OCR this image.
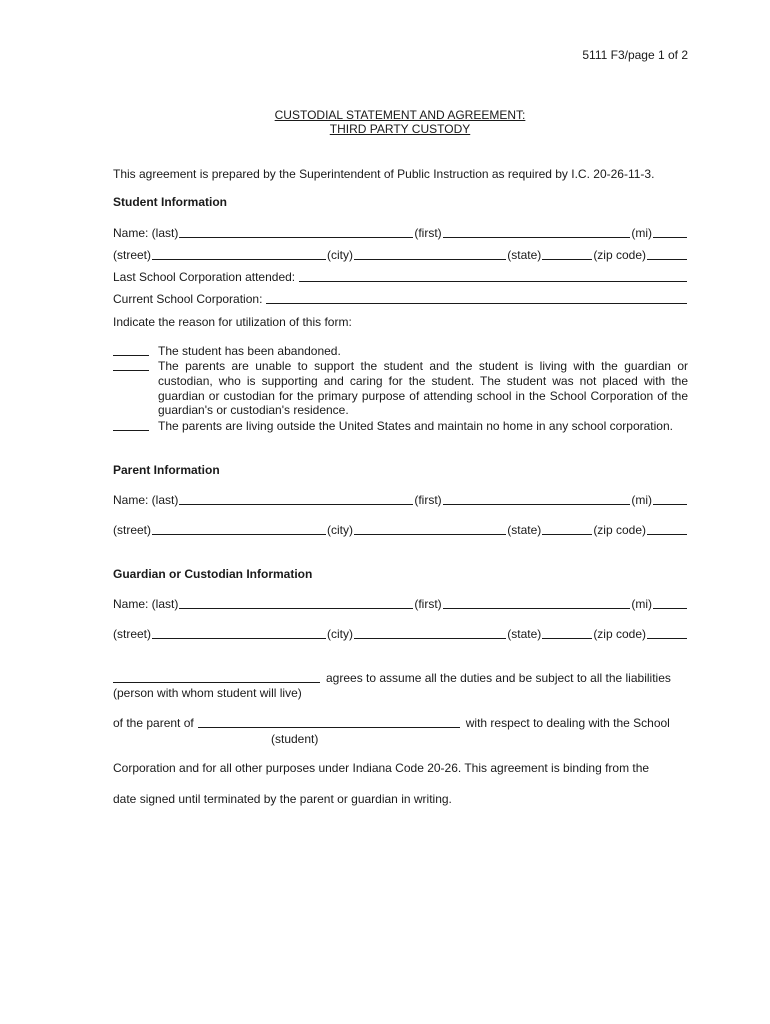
5111 F3/page 1 of 2
CUSTODIAL STATEMENT AND AGREEMENT:
THIRD PARTY CUSTODY
This agreement is prepared by the Superintendent of Public Instruction as required by I.C. 20-26-11-3.
Student Information
Name: (last)	(first)	(mi)
(street)	(city)	(state)	(zip code)
Last School Corporation attended:
Current School Corporation:
Indicate the reason for utilization of this form:
The student has been abandoned.
The parents are unable to support the student and the student is living with the guardian or custodian, who is supporting and caring for the student. The student was not placed with the guardian or custodian for the primary purpose of attending school in the School Corporation of the guardian's or custodian's residence.
The parents are living outside the United States and maintain no home in any school corporation.
Parent Information
Name: (last)	(first)	(mi)
(street)	(city)	(state)	(zip code)
Guardian or Custodian Information
Name: (last)	(first)	(mi)
(street)	(city)	(state)	(zip code)
agrees to assume all the duties and be subject to all the liabilities
(person with whom student will live)
of the parent of	with respect to dealing with the School
(student)
Corporation and for all other purposes under Indiana Code 20-26. This agreement is binding from the
date signed until terminated by the parent or guardian in writing.
